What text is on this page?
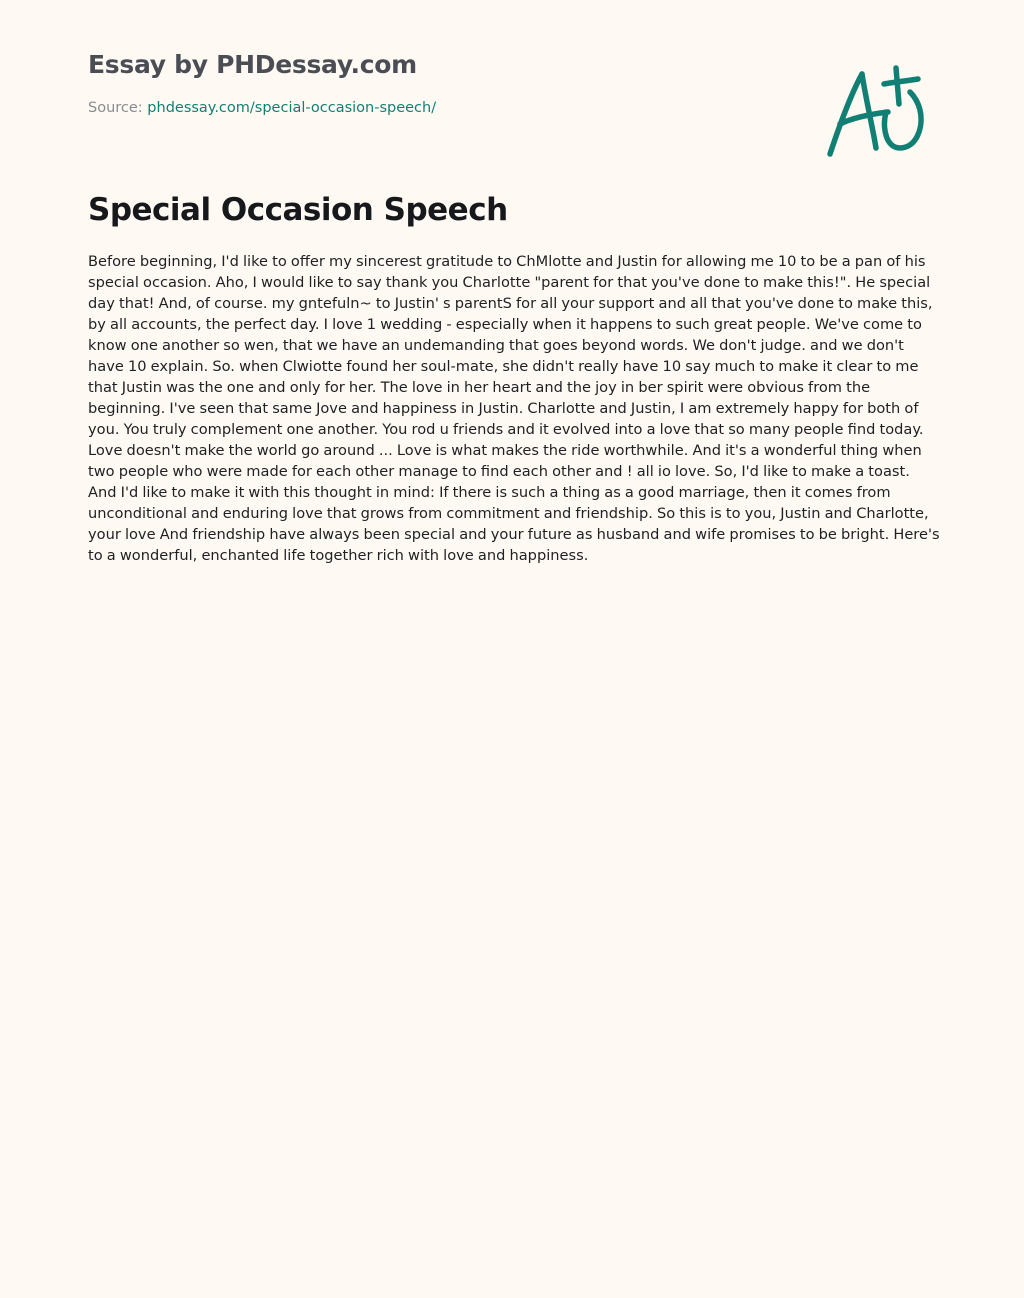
Essay by PHDessay.com
Source: phdessay.com/special-occasion-speech/
Special Occasion Speech

Before beginning, I'd like to offer my sincerest gratitude to ChMlotte and Justin for allowing me 10 to be a pan of his special occasion. Aho, I would like to say thank you Charlotte "parent for that you've done to make this!". He special day that! And, of course. my gntefuln~ to Justin' s parentS for all your support and all that you've done to make this, by all accounts, the perfect day. I love 1 wedding - especially when it happens to such great people. We've come to know one another so wen, that we have an undemanding that goes beyond words. We don't judge. and we don't have 10 explain. So. when Clwiotte found her soul-mate, she didn't really have 10 say much to make it clear to me that Justin was the one and only for her. The love in her heart and the joy in ber spirit were obvious from the beginning. I've seen that same Jove and happiness in Justin. Charlotte and Justin, I am extremely happy for both of you. You truly complement one another. You rod u friends and it evolved into a love that so many people find today. Love doesn't make the world go around ... Love is what makes the ride worthwhile. And it's a wonderful thing when two people who were made for each other manage to find each other and ! all io love. So, I'd like to make a toast. And I'd like to make it with this thought in mind: If there is such a thing as a good marriage, then it comes from unconditional and enduring love that grows from commitment and friendship. So this is to you, Justin and Charlotte, your love And friendship have always been special and your future as husband and wife promises to be bright. Here's to a wonderful, enchanted life together rich with love and happiness.
